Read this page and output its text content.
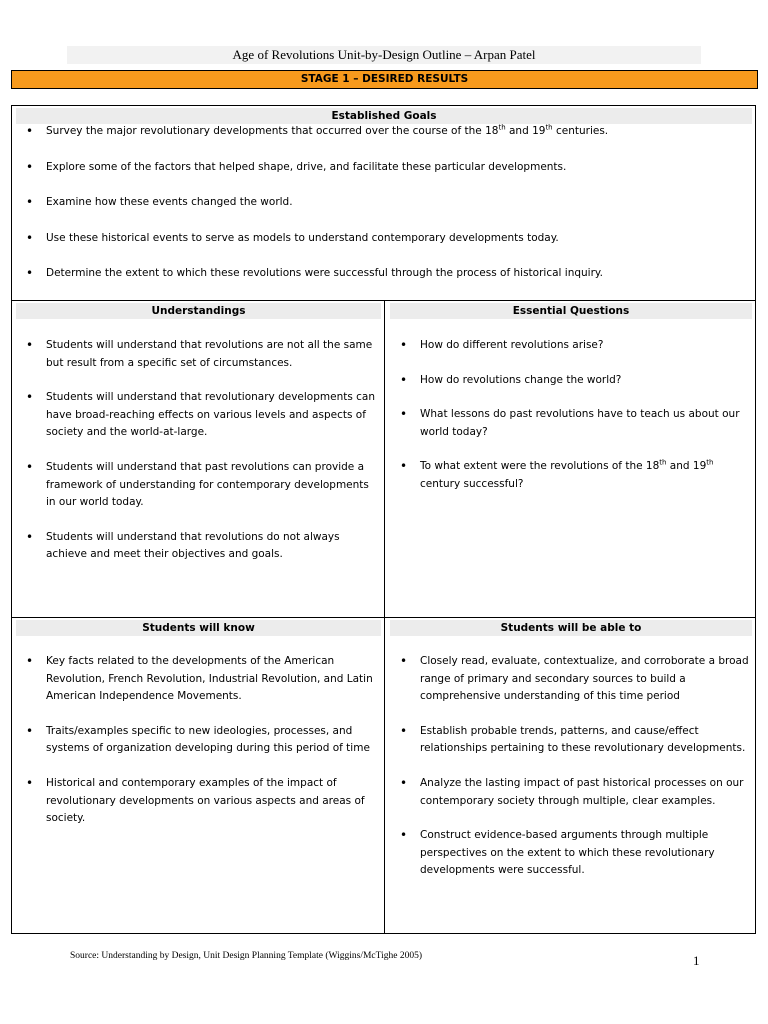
Age of Revolutions Unit-by-Design Outline – Arpan Patel
STAGE 1 – DESIRED RESULTS
Established Goals
• Survey the major revolutionary developments that occurred over the course of the 18th and 19th centuries.
• Explore some of the factors that helped shape, drive, and facilitate these particular developments.
• Examine how these events changed the world.
• Use these historical events to serve as models to understand contemporary developments today.
• Determine the extent to which these revolutions were successful through the process of historical inquiry.
Understandings	Essential Questions
• Students will understand that revolutions are not all the same but result from a specific set of circumstances.
• Students will understand that revolutionary developments can have broad-reaching effects on various levels and aspects of society and the world-at-large.
• Students will understand that past revolutions can provide a framework of understanding for contemporary developments in our world today.
• Students will understand that revolutions do not always achieve and meet their objectives and goals.
• How do different revolutions arise?
• How do revolutions change the world?
• What lessons do past revolutions have to teach us about our world today?
• To what extent were the revolutions of the 18th and 19th century successful?
Students will know	Students will be able to
• Key facts related to the developments of the American Revolution, French Revolution, Industrial Revolution, and Latin American Independence Movements.
• Traits/examples specific to new ideologies, processes, and systems of organization developing during this period of time
• Historical and contemporary examples of the impact of revolutionary developments on various aspects and areas of society.
• Closely read, evaluate, contextualize, and corroborate a broad range of primary and secondary sources to build a comprehensive understanding of this time period
• Establish probable trends, patterns, and cause/effect relationships pertaining to these revolutionary developments.
• Analyze the lasting impact of past historical processes on our contemporary society through multiple, clear examples.
• Construct evidence-based arguments through multiple perspectives on the extent to which these revolutionary developments were successful.
Source: Understanding by Design, Unit Design Planning Template (Wiggins/McTighe 2005)	1
